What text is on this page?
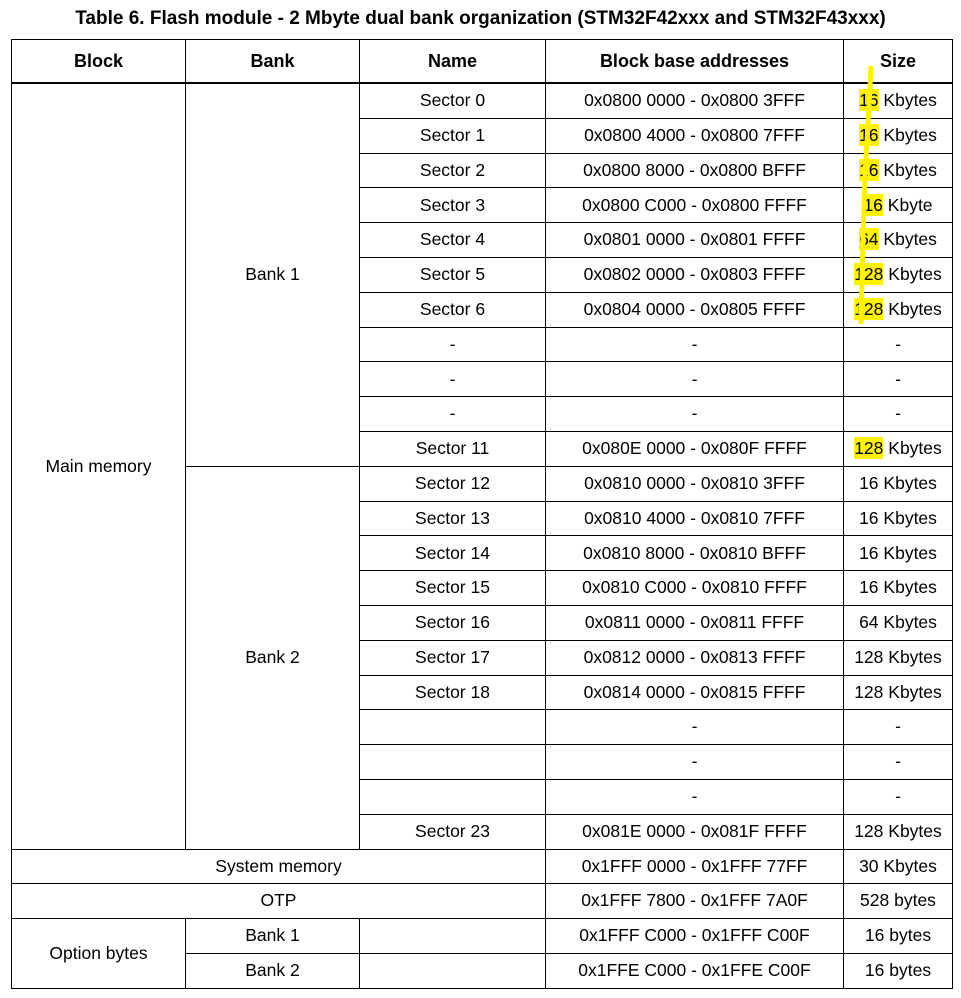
Table 6. Flash module - 2 Mbyte dual bank organization (STM32F42xxx and STM32F43xxx)
Block	Bank	Name	Block base addresses	Size
Main memory	Bank 1	Sector 0	0x0800 0000 - 0x0800 3FFF	16 Kbytes
		Sector 1	0x0800 4000 - 0x0800 7FFF	16 Kbytes
		Sector 2	0x0800 8000 - 0x0800 BFFF	16 Kbytes
		Sector 3	0x0800 C000 - 0x0800 FFFF	16 Kbyte
		Sector 4	0x0801 0000 - 0x0801 FFFF	64 Kbytes
		Sector 5	0x0802 0000 - 0x0803 FFFF	128 Kbytes
		Sector 6	0x0804 0000 - 0x0805 FFFF	128 Kbytes
		-	-	-
		-	-	-
		-	-	-
		Sector 11	0x080E 0000 - 0x080F FFFF	128 Kbytes
	Bank 2	Sector 12	0x0810 0000 - 0x0810 3FFF	16 Kbytes
		Sector 13	0x0810 4000 - 0x0810 7FFF	16 Kbytes
		Sector 14	0x0810 8000 - 0x0810 BFFF	16 Kbytes
		Sector 15	0x0810 C000 - 0x0810 FFFF	16 Kbytes
		Sector 16	0x0811 0000 - 0x0811 FFFF	64 Kbytes
		Sector 17	0x0812 0000 - 0x0813 FFFF	128 Kbytes
		Sector 18	0x0814 0000 - 0x0815 FFFF	128 Kbytes
			-	-
			-	-
			-	-
		Sector 23	0x081E 0000 - 0x081F FFFF	128 Kbytes
System memory			0x1FFF 0000 - 0x1FFF 77FF	30 Kbytes
OTP			0x1FFF 7800 - 0x1FFF 7A0F	528 bytes
Option bytes	Bank 1		0x1FFF C000 - 0x1FFF C00F	16 bytes
	Bank 2		0x1FFE C000 - 0x1FFE C00F	16 bytes
